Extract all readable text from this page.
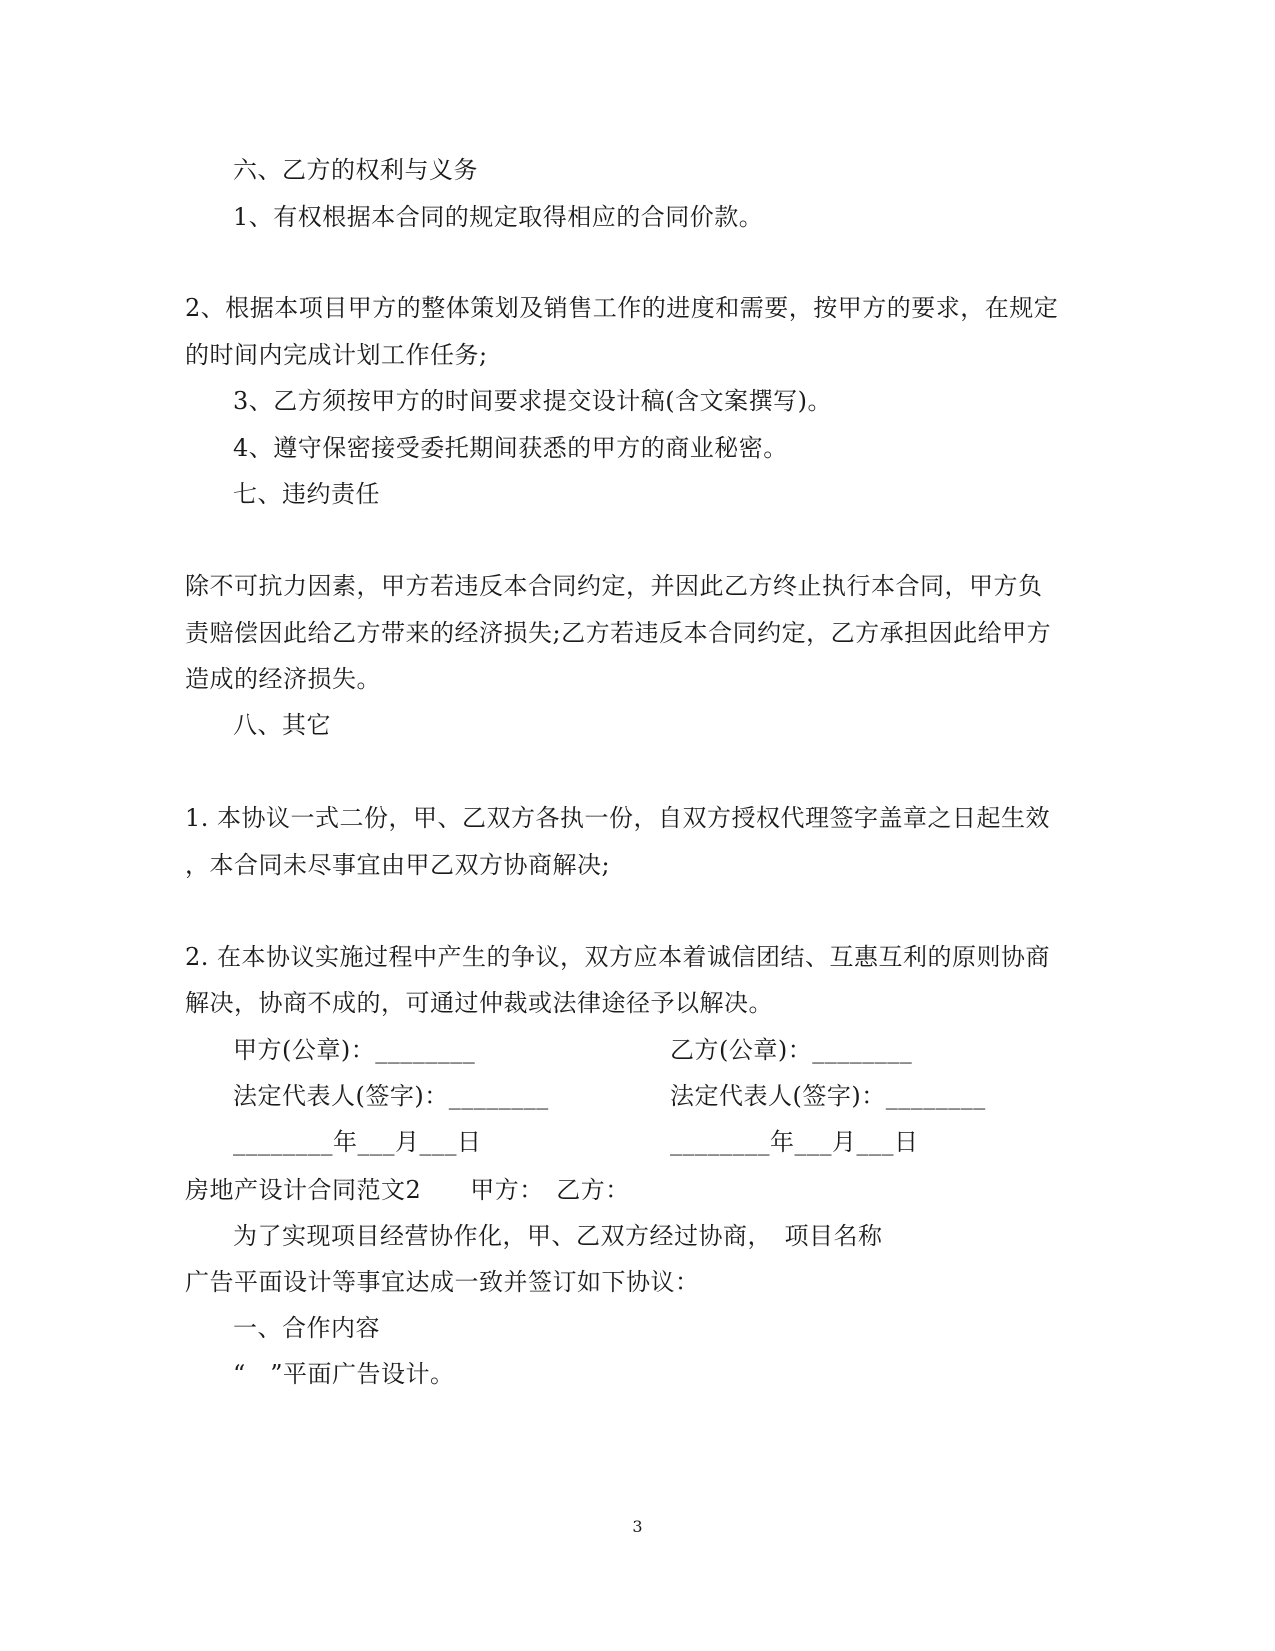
六、乙方的权利与义务
1、有权根据本合同的规定取得相应的合同价款。
2、根据本项目甲方的整体策划及销售工作的进度和需要，按甲方的要求，在规定
的时间内完成计划工作任务;
3、乙方须按甲方的时间要求提交设计稿(含文案撰写)。
4、遵守保密接受委托期间获悉的甲方的商业秘密。
七、违约责任
除不可抗力因素，甲方若违反本合同约定，并因此乙方终止执行本合同，甲方负
责赔偿因此给乙方带来的经济损失;乙方若违反本合同约定，乙方承担因此给甲方
造成的经济损失。
八、其它
1. 本协议一式二份，甲、乙双方各执一份，自双方授权代理签字盖章之日起生效
，本合同未尽事宜由甲乙双方协商解决;
2. 在本协议实施过程中产生的争议，双方应本着诚信团结、互惠互利的原则协商
解决，协商不成的，可通过仲裁或法律途径予以解决。
甲方(公章)：________	乙方(公章)：________
法定代表人(签字)：________	法定代表人(签字)：________
________年___月___日	________年___月___日
房地产设计合同范文2　　甲方：　乙方：
为了实现项目经营协作化，甲、乙双方经过协商，　项目名称
广告平面设计等事宜达成一致并签订如下协议：
一、合作内容
“　”平面广告设计。
3
